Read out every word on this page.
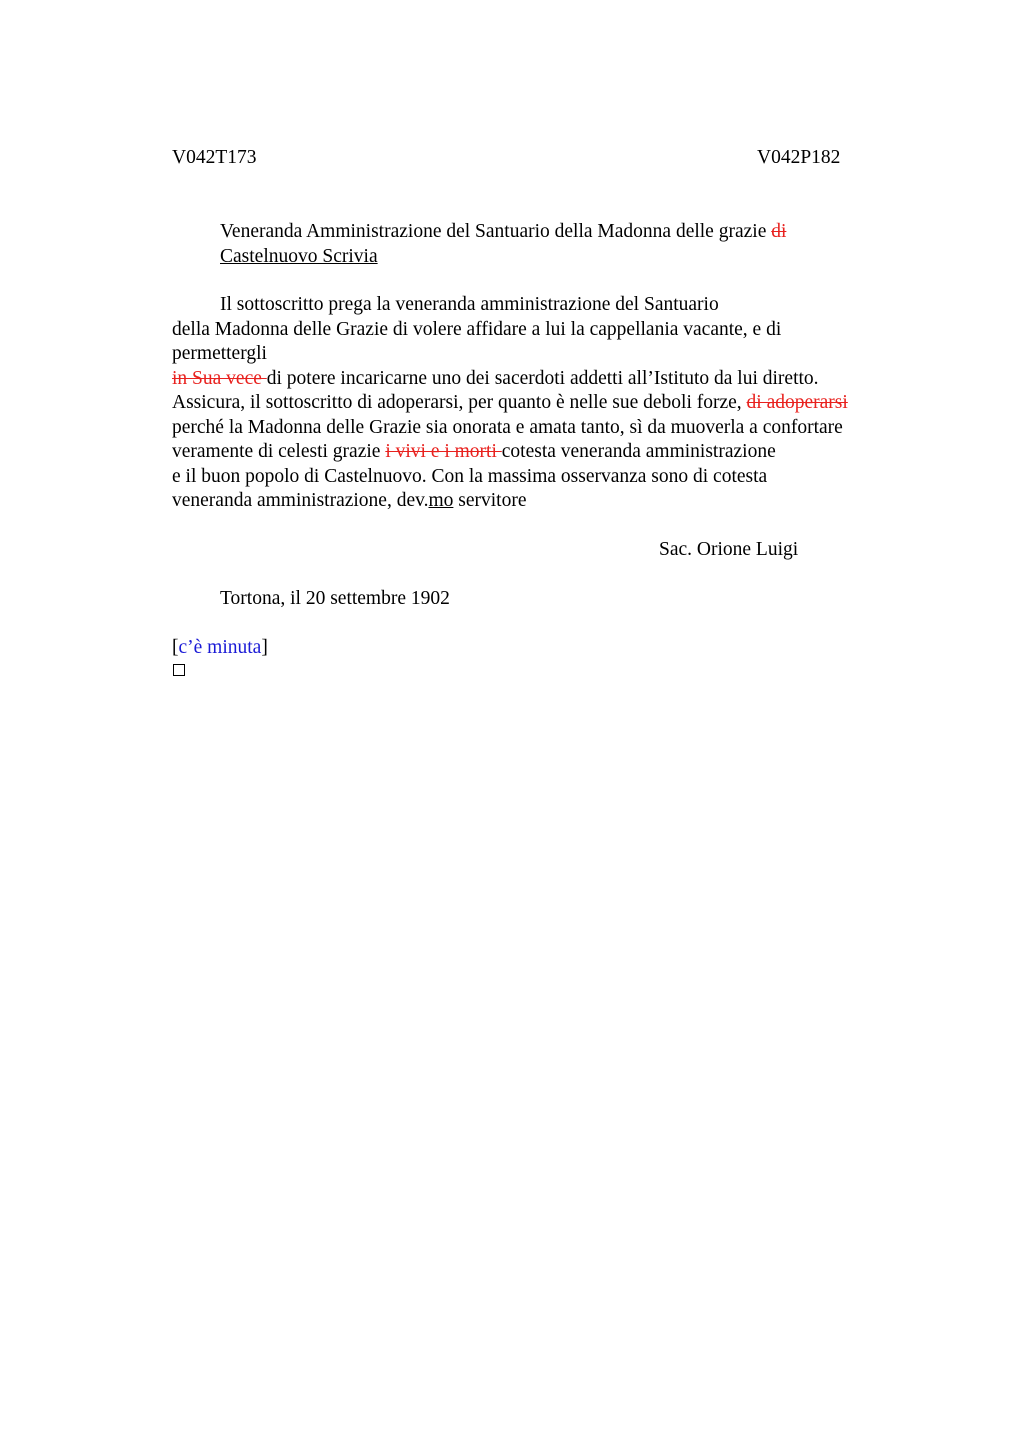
V042T173	V042P182
Veneranda Amministrazione del Santuario della Madonna delle grazie di
Castelnuovo Scrivia
Il sottoscritto prega la veneranda amministrazione del Santuario
della Madonna delle Grazie di volere affidare a lui la cappellania vacante, e di
permettergli
in Sua vece di potere incaricarne uno dei sacerdoti addetti all’Istituto da lui diretto.
Assicura, il sottoscritto di adoperarsi, per quanto è nelle sue deboli forze, di adoperarsi
perché la Madonna delle Grazie sia onorata e amata tanto, sì da muoverla a confortare
veramente di celesti grazie i vivi e i morti cotesta veneranda amministrazione
e il buon popolo di Castelnuovo. Con la massima osservanza sono di cotesta
veneranda amministrazione, dev.mo servitore
Sac. Orione Luigi
Tortona, il 20 settembre 1902
[c’è minuta]
